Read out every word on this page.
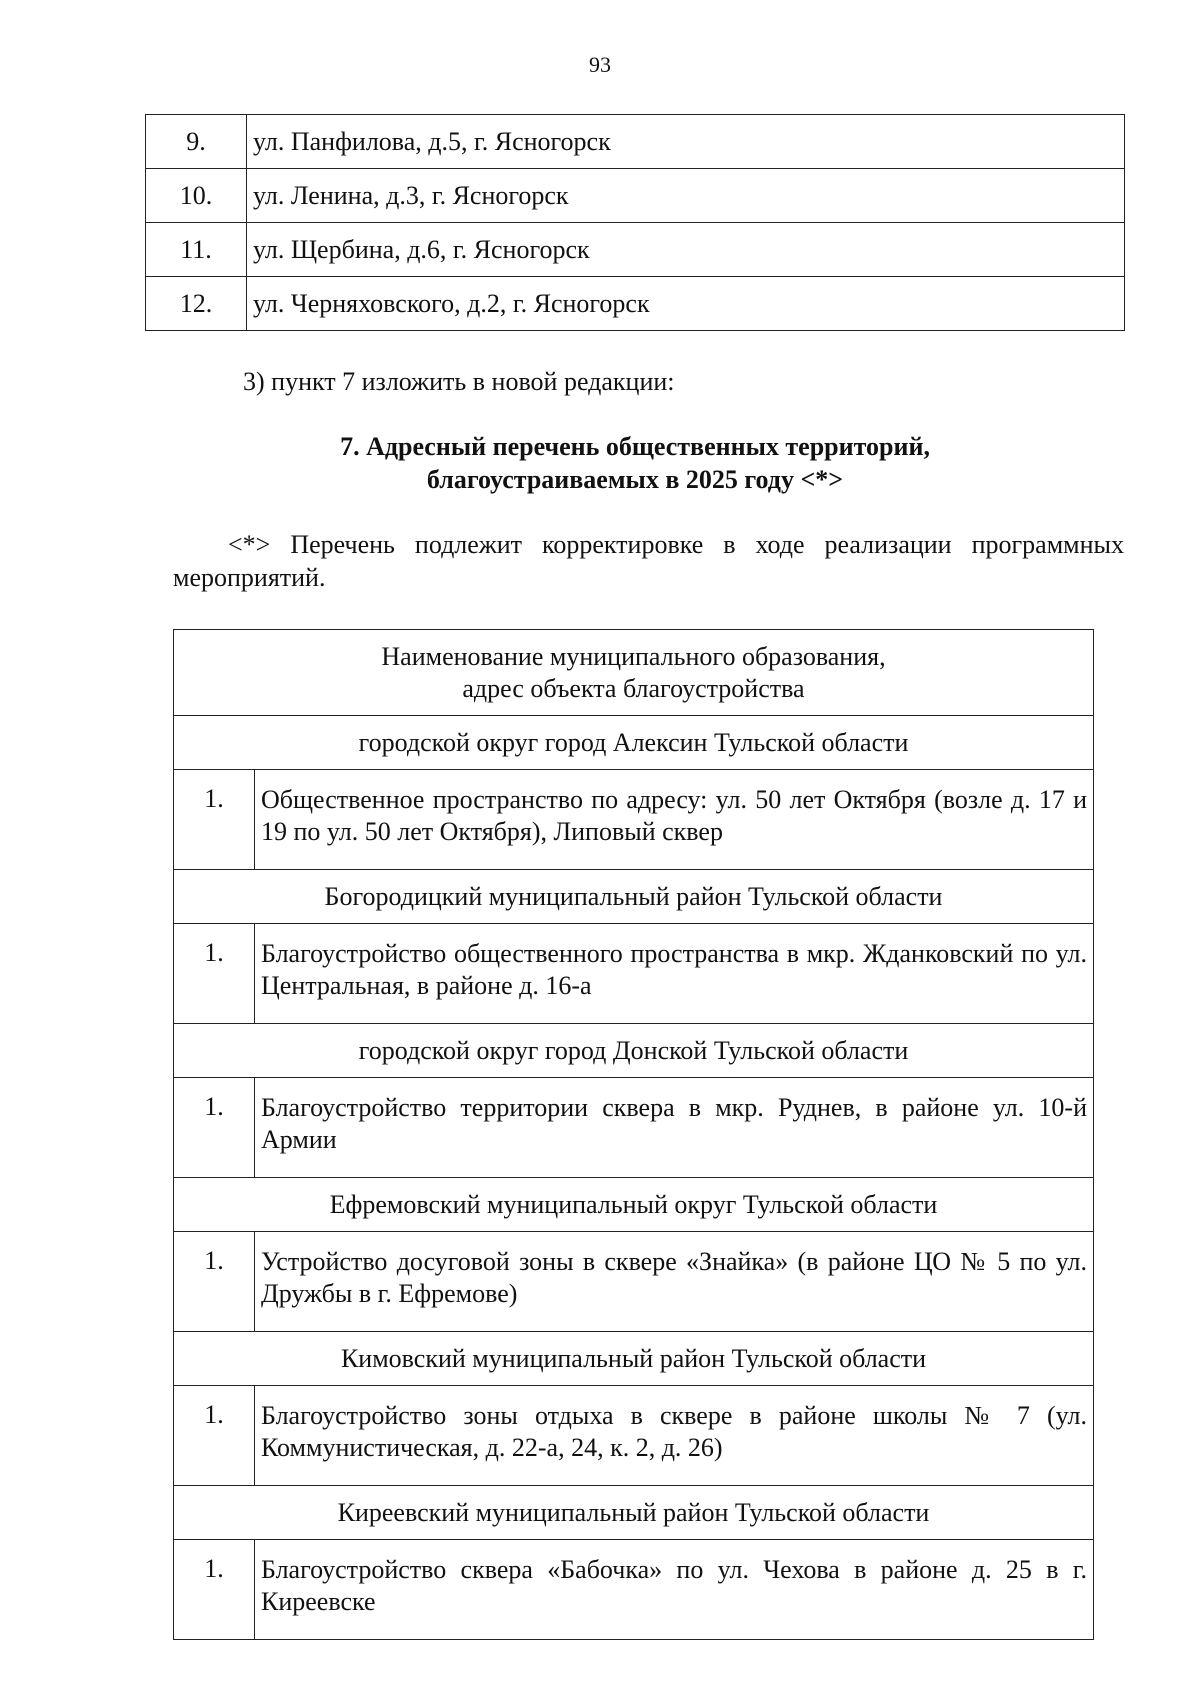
93
9.	ул. Панфилова, д.5, г. Ясногорск
10.	ул. Ленина, д.3, г. Ясногорск
11.	ул. Щербина, д.6, г. Ясногорск
12.	ул. Черняховского, д.2, г. Ясногорск
3) пункт 7 изложить в новой редакции:
7. Адресный перечень общественных территорий,
благоустраиваемых в 2025 году <*>
<*> Перечень подлежит корректировке в ходе реализации программных мероприятий.
Наименование муниципального образования,
адрес объекта благоустройства	

городской округ город Алексин Тульской области	
1.	Общественное пространство по адресу: ул. 50 лет Октября (возле д. 17 и 19 по ул. 50 лет Октября), Липовый сквер
Богородицкий муниципальный район Тульской области	
1.	Благоустройство общественного пространства в мкр. Жданковский по ул. Центральная, в районе д. 16-а
городской округ город Донской Тульской области	
1.	Благоустройство территории сквера в мкр. Руднев, в районе ул. 10-й Армии
Ефремовский муниципальный округ Тульской области	
1.	Устройство досуговой зоны в сквере «Знайка» (в районе ЦО № 5 по ул. Дружбы в г. Ефремове)
Кимовский муниципальный район Тульской области	
1.	Благоустройство зоны отдыха в сквере в районе школы № 7 (ул. Коммунистическая, д. 22-а, 24, к. 2, д. 26)
Киреевский муниципальный район Тульской области	
1.	Благоустройство сквера «Бабочка» по ул. Чехова в районе д. 25 в г. Киреевске
